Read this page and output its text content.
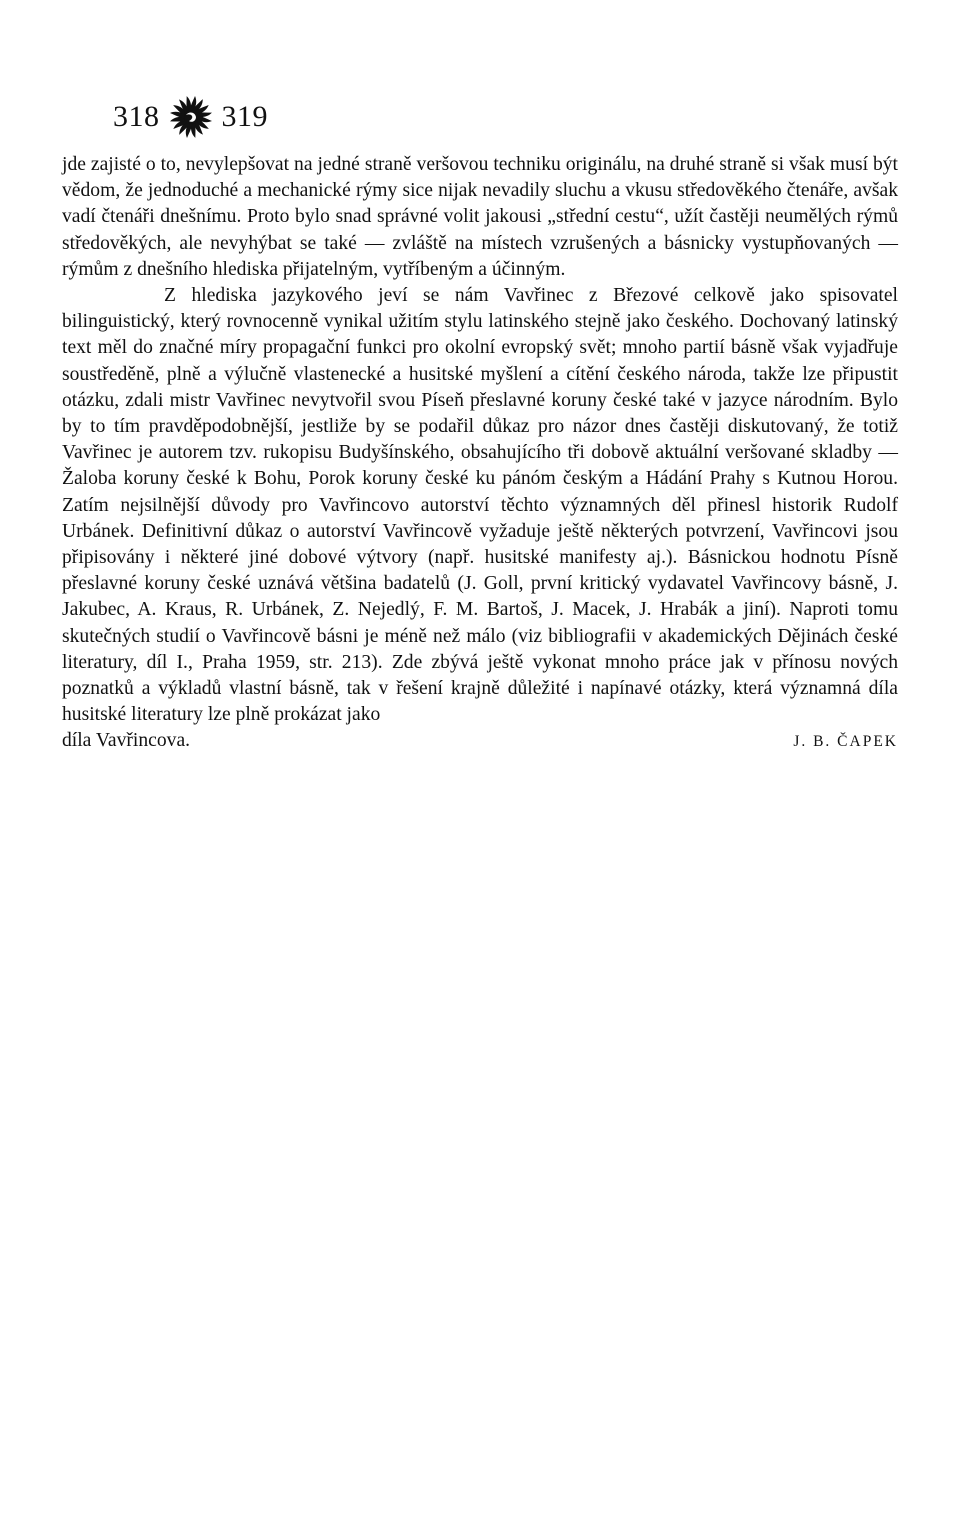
318 319

jde zajisté o to, nevylepšovat na jedné straně veršovou techniku originálu, na druhé straně si však musí být vědom, že jednoduché a mechanické rýmy sice nijak nevadily sluchu a vkusu středověkého čtenáře, avšak vadí čtenáři dnešnímu. Proto bylo snad správné volit jakousi „střední cestu“, užít častěji neumělých rýmů středověkých, ale nevyhýbat se také — zvláště na místech vzrušených a básnicky vystupňovaných — rýmům z dnešního hlediska přijatelným, vytříbeným a účinným.

Z hlediska jazykového jeví se nám Vavřinec z Březové celkově jako spisovatel bilinguistický, který rovnocenně vynikal užitím stylu latinského stejně jako českého. Dochovaný latinský text měl do značné míry propagační funkci pro okolní evropský svět; mnoho partií básně však vyjadřuje soustředěně, plně a výlučně vlastenecké a husitské myšlení a cítění českého národa, takže lze připustit otázku, zdali mistr Vavřinec nevytvořil svou Píseň přeslavné koruny české také v jazyce národním. Bylo by to tím pravděpodobnější, jestliže by se podařil důkaz pro názor dnes častěji diskutovaný, že totiž Vavřinec je autorem tzv. rukopisu Budyšínského, obsahujícího tři dobově aktuální veršované skladby — Žaloba koruny české k Bohu, Porok koruny české ku pánóm českým a Hádání Prahy s Kutnou Horou. Zatím nejsilnější důvody pro Vavřincovo autorství těchto významných děl přinesl historik Rudolf Urbánek. Definitivní důkaz o autorství Vavřincově vyžaduje ještě některých potvrzení, Vavřincovi jsou připisovány i některé jiné dobové výtvory (např. husitské manifesty aj.). Básnickou hodnotu Písně přeslavné koruny české uznává většina badatelů (J. Goll, první kritický vydavatel Vavřincovy básně, J. Jakubec, A. Kraus, R. Urbánek, Z. Nejedlý, F. M. Bartoš, J. Macek, J. Hrabák a jiní). Naproti tomu skutečných studií o Vavřincově básni je méně než málo (viz bibliografii v akademických Dějinách české literatury, díl I., Praha 1959, str. 213). Zde zbývá ještě vykonat mnoho práce jak v přínosu nových poznatků a výkladů vlastní básně, tak v řešení krajně důležité i napínavé otázky, která významná díla husitské literatury lze plně prokázat jako

díla Vavřincova.	J. B. ČAPEK
